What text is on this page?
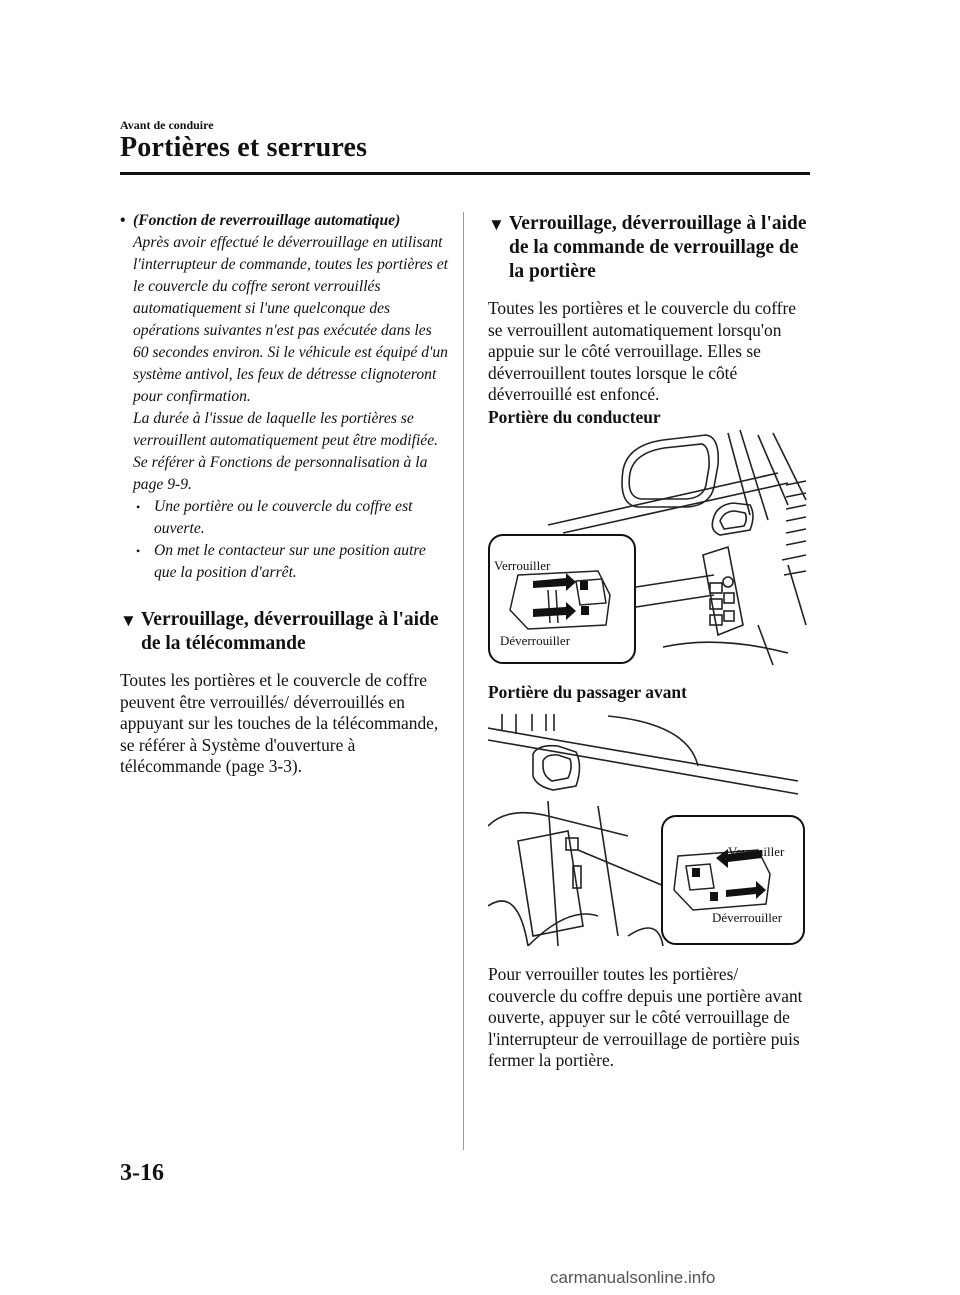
Avant de conduire
Portières et serrures
• (Fonction de reverrouillage automatique)
Après avoir effectué le déverrouillage en utilisant l'interrupteur de commande, toutes les portières et le couvercle du coffre seront verrouillés automatiquement si l'une quelconque des opérations suivantes n'est pas exécutée dans les 60 secondes environ. Si le véhicule est équipé d'un système antivol, les feux de détresse clignoteront pour confirmation.
La durée à l'issue de laquelle les portières se verrouillent automatiquement peut être modifiée.
Se référer à Fonctions de personnalisation à la page 9-9.
• Une portière ou le couvercle du coffre est ouverte.
• On met le contacteur sur une position autre que la position d'arrêt.
▼ Verrouillage, déverrouillage à l'aide de la télécommande
Toutes les portières et le couvercle de coffre peuvent être verrouillés/ déverrouillés en appuyant sur les touches de la télécommande, se référer à Système d'ouverture à télécommande (page 3-3).
▼ Verrouillage, déverrouillage à l'aide de la commande de verrouillage de la portière
Toutes les portières et le couvercle du coffre se verrouillent automatiquement lorsqu'on appuie sur le côté verrouillage. Elles se déverrouillent toutes lorsque le côté déverrouillé est enfoncé.
Portière du conducteur
Verrouiller
Déverrouiller
Portière du passager avant
Verrouiller
Déverrouiller
Pour verrouiller toutes les portières/ couvercle du coffre depuis une portière avant ouverte, appuyer sur le côté verrouillage de l'interrupteur de verrouillage de portière puis fermer la portière.
3-16
carmanualsonline.info
